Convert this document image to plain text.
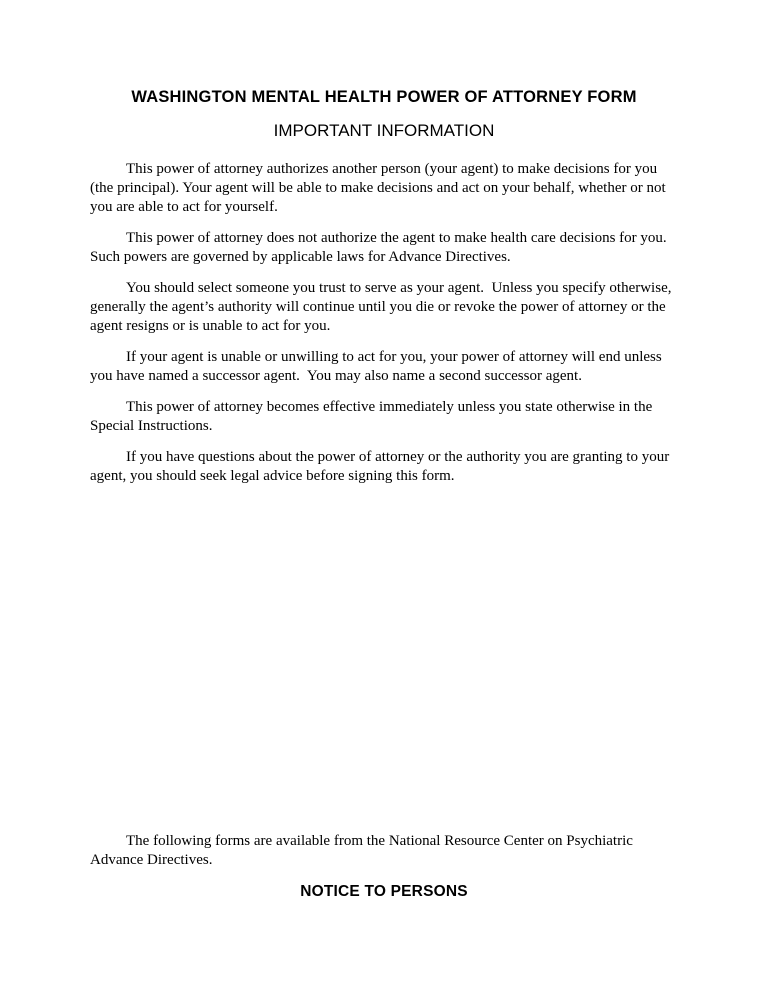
WASHINGTON MENTAL HEALTH POWER OF ATTORNEY FORM
IMPORTANT INFORMATION

This power of attorney authorizes another person (your agent) to make decisions for you (the principal). Your agent will be able to make decisions and act on your behalf, whether or not you are able to act for yourself.

This power of attorney does not authorize the agent to make health care decisions for you.  Such powers are governed by applicable laws for Advance Directives.

You should select someone you trust to serve as your agent.  Unless you specify otherwise, generally the agent’s authority will continue until you die or revoke the power of attorney or the agent resigns or is unable to act for you.

If your agent is unable or unwilling to act for you, your power of attorney will end unless you have named a successor agent.  You may also name a second successor agent.

This power of attorney becomes effective immediately unless you state otherwise in the Special Instructions.

If you have questions about the power of attorney or the authority you are granting to your agent, you should seek legal advice before signing this form.

The following forms are available from the National Resource Center on Psychiatric Advance Directives.

NOTICE TO PERSONS
